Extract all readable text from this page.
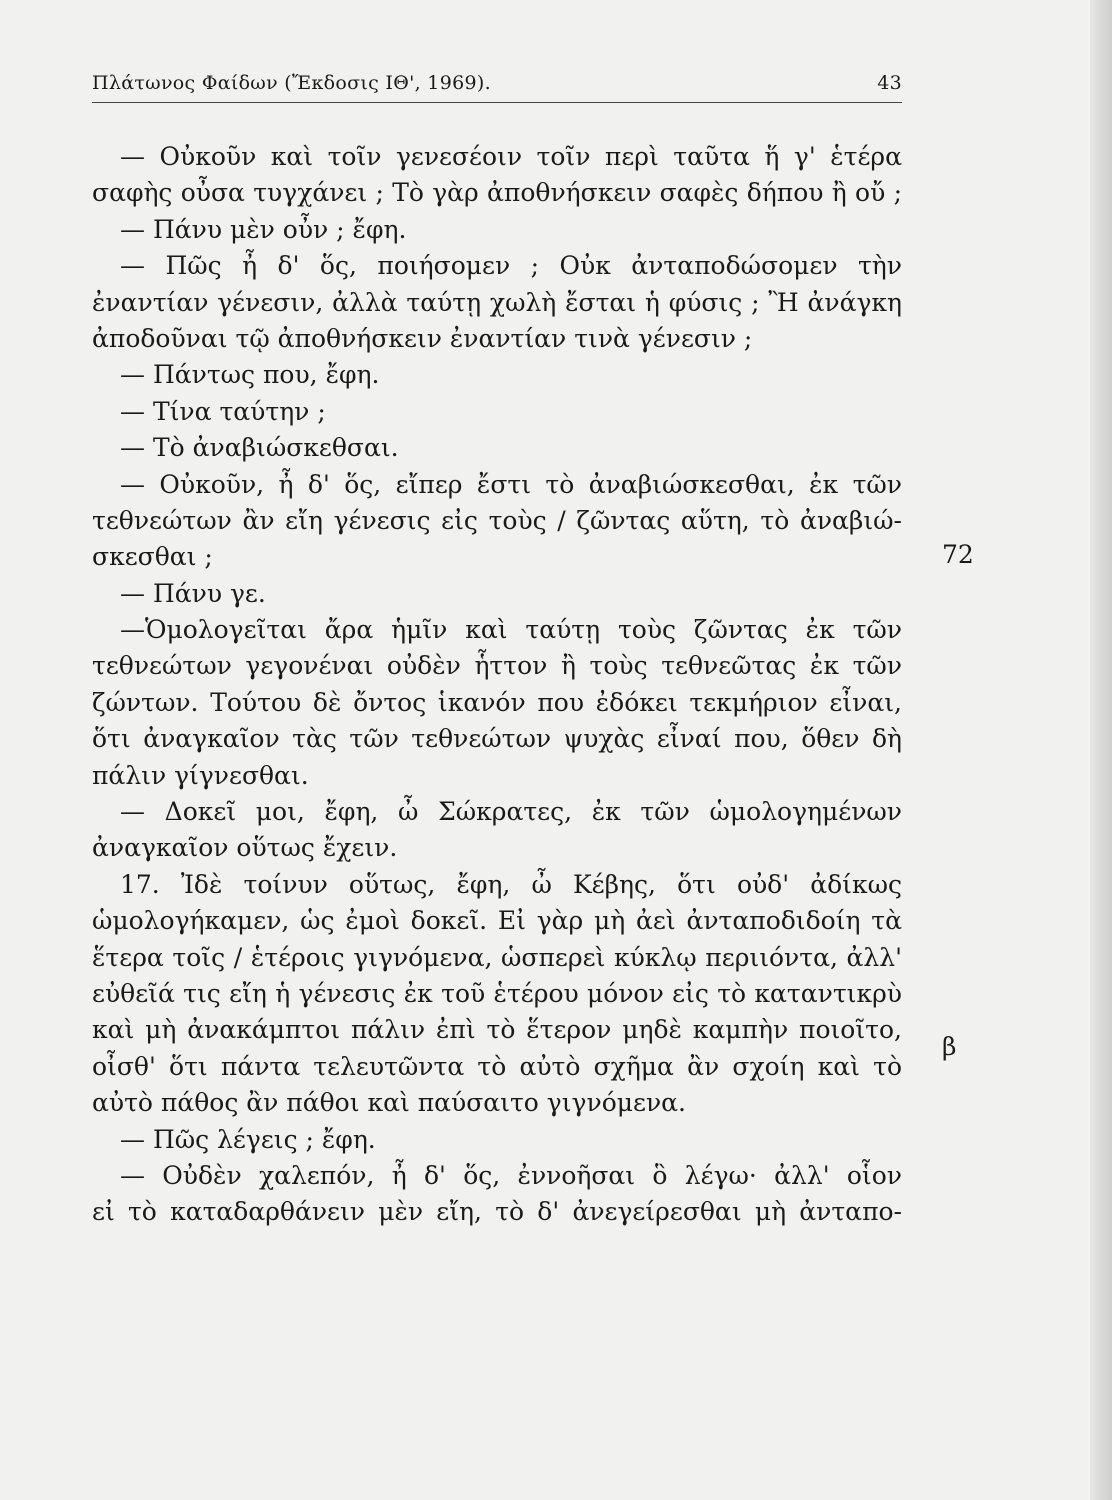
Πλάτωνος Φαίδων (Ἔκδοσις ΙΘ', 1969).	43
— Οὐκοῦν καὶ τοῖν γενεσέοιν τοῖν περὶ ταῦτα ἥ γ' ἑτέρα
σαφὴς οὖσα τυγχάνει ; Τὸ γὰρ ἀποθνήσκειν σαφὲς δήπου ἢ οὔ ;
— Πάνυ μὲν οὖν ; ἔφη.
— Πῶς ἦ δ' ὅς, ποιήσομεν ; Οὐκ ἀνταποδώσομεν τὴν
ἐναντίαν γένεσιν, ἀλλὰ ταύτῃ χωλὴ ἔσται ἡ φύσις ; Ἢ ἀνάγκη
ἀποδοῦναι τῷ ἀποθνήσκειν ἐναντίαν τινὰ γένεσιν ;
— Πάντως που, ἔφη.
— Τίνα ταύτην ;
— Τὸ ἀναβιώσκεθσαι.
— Οὐκοῦν, ἦ δ' ὅς, εἴπερ ἔστι τὸ ἀναβιώσκεσθαι, ἐκ τῶν
τεθνεώτων ἂν εἴη γένεσις εἰς τοὺς / ζῶντας αὕτη, τὸ ἀναβιώ-
σκεσθαι ;
— Πάνυ γε.
—Ὁμολογεῖται ἄρα ἡμῖν καὶ ταύτῃ τοὺς ζῶντας ἐκ τῶν
τεθνεώτων γεγονέναι οὐδὲν ἧττον ἢ τοὺς τεθνεῶτας ἐκ τῶν
ζώντων. Τούτου δὲ ὄντος ἱκανόν που ἐδόκει τεκμήριον εἶναι,
ὅτι ἀναγκαῖον τὰς τῶν τεθνεώτων ψυχὰς εἶναί που, ὅθεν δὴ
πάλιν γίγνεσθαι.
— Δοκεῖ μοι, ἔφη, ὦ Σώκρατες, ἐκ τῶν ὡμολογημένων
ἀναγκαῖον οὕτως ἔχειν.
17. Ἰδὲ τοίνυν οὕτως, ἔφη, ὦ Κέβης, ὅτι οὐδ' ἀδίκως
ὡμολογήκαμεν, ὡς ἐμοὶ δοκεῖ. Εἰ γὰρ μὴ ἀεὶ ἀνταποδιδοίη τὰ
ἕτερα τοῖς / ἑτέροις γιγνόμενα, ὡσπερεὶ κύκλῳ περιιόντα, ἀλλ'
εὐθεῖά τις εἴη ἡ γένεσις ἐκ τοῦ ἑτέρου μόνον εἰς τὸ καταντικρὺ
καὶ μὴ ἀνακάμπτοι πάλιν ἐπὶ τὸ ἕτερον μηδὲ καμπὴν ποιοῖτο,
οἶσθ' ὅτι πάντα τελευτῶντα τὸ αὐτὸ σχῆμα ἂν σχοίη καὶ τὸ
αὐτὸ πάθος ἂν πάθοι καὶ παύσαιτο γιγνόμενα.
— Πῶς λέγεις ; ἔφη.
— Οὐδὲν χαλεπόν, ἦ δ' ὅς, ἐννοῆσαι ὃ λέγω· ἀλλ' οἷον
εἰ τὸ καταδαρθάνειν μὲν εἴη, τὸ δ' ἀνεγείρεσθαι μὴ ἀνταπο-
72
β
